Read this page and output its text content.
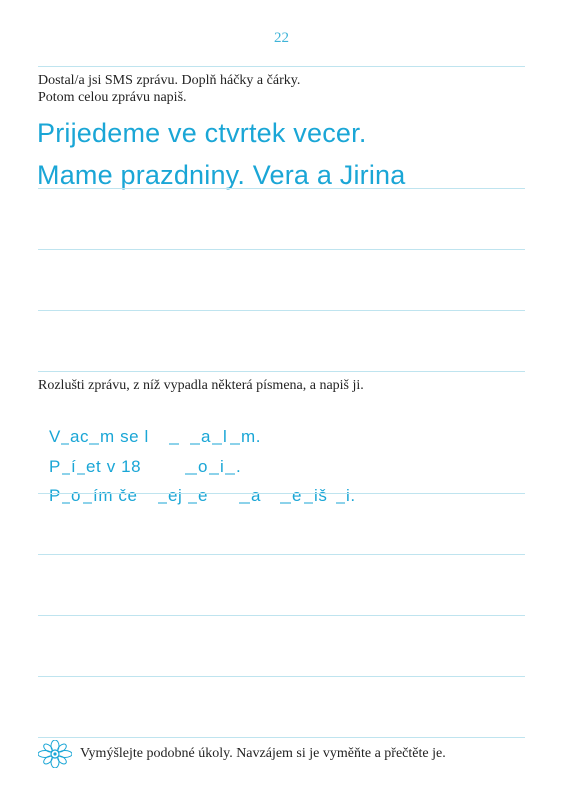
22
Dostal/a jsi SMS zprávu. Doplň háčky a čárky.
Potom celou zprávu napiš.
Prijedeme ve ctvrtek vecer.
Mame prazdniny. Vera a Jirina
Rozlušti zprávu, z níž vypadla některá písmena, a napiš ji.

V ac m se l	a l m.

P í et v 18	o i .

P o ím če ej e	a e iš i.

Vymýšlejte podobné úkoly. Navzájem si je vyměňte a přečtěte je.
